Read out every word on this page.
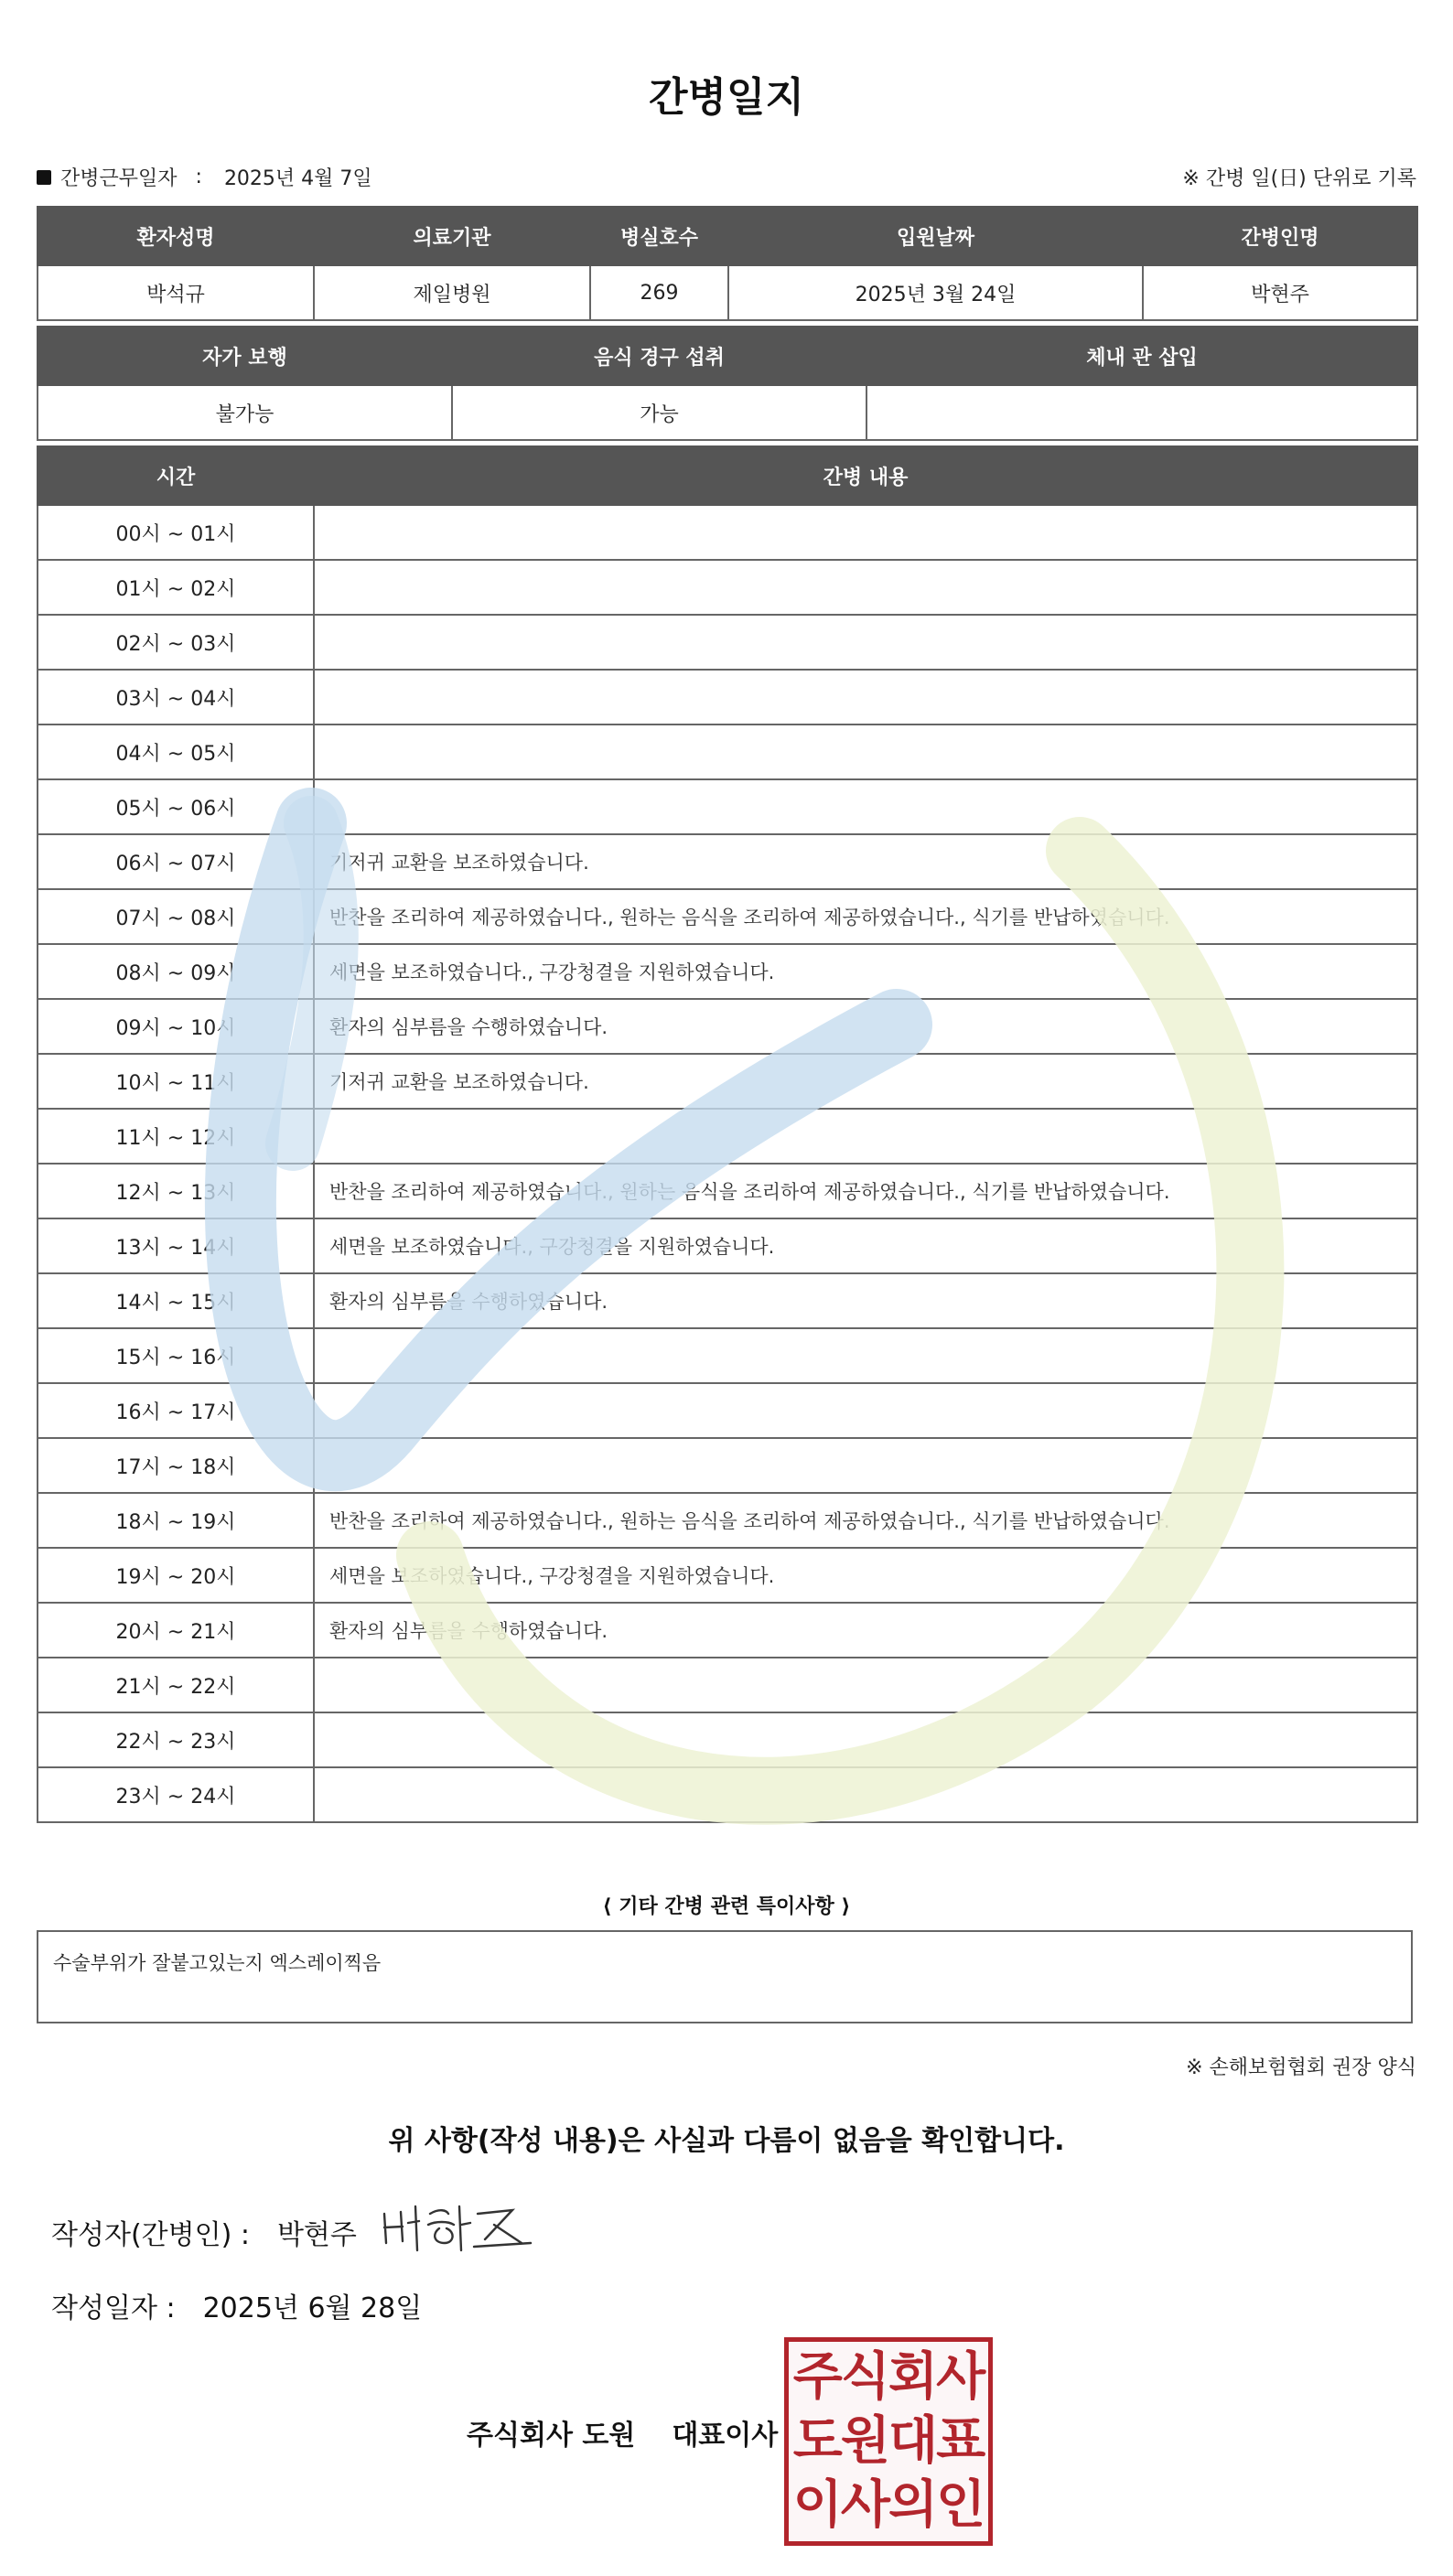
간병일지
간병근무일자 : 2025년 4월 7일	※ 간병 일(日) 단위로 기록
환자성명	의료기관	병실호수	입원날짜	간병인명
박석규	제일병원	269	2025년 3월 24일	박현주
자가 보행	음식 경구 섭취	체내 관 삽입
불가능	가능	
시간	간병 내용
00시 ~ 01시	
01시 ~ 02시	
02시 ~ 03시	
03시 ~ 04시	
04시 ~ 05시	
05시 ~ 06시	
06시 ~ 07시	기저귀 교환을 보조하였습니다.
07시 ~ 08시	반찬을 조리하여 제공하였습니다., 원하는 음식을 조리하여 제공하였습니다., 식기를 반납하였습니다.
08시 ~ 09시	세면을 보조하였습니다., 구강청결을 지원하였습니다.
09시 ~ 10시	환자의 심부름을 수행하였습니다.
10시 ~ 11시	기저귀 교환을 보조하였습니다.
11시 ~ 12시	
12시 ~ 13시	반찬을 조리하여 제공하였습니다., 원하는 음식을 조리하여 제공하였습니다., 식기를 반납하였습니다.
13시 ~ 14시	세면을 보조하였습니다., 구강청결을 지원하였습니다.
14시 ~ 15시	환자의 심부름을 수행하였습니다.
15시 ~ 16시	
16시 ~ 17시	
17시 ~ 18시	
18시 ~ 19시	반찬을 조리하여 제공하였습니다., 원하는 음식을 조리하여 제공하였습니다., 식기를 반납하였습니다.
19시 ~ 20시	세면을 보조하였습니다., 구강청결을 지원하였습니다.
20시 ~ 21시	환자의 심부름을 수행하였습니다.
21시 ~ 22시	
22시 ~ 23시	
23시 ~ 24시	
⟨ 기타 간병 관련 특이사항 ⟩
수술부위가 잘붙고있는지 엑스레이찍음
※ 손해보험협회 권장 양식
위 사항(작성 내용)은 사실과 다름이 없음을 확인합니다.
작성자(간병인) : 박현주
작성일자 : 2025년 6월 28일
주식회사 도원 대표이사
주식회사
도원대표
이사의인
